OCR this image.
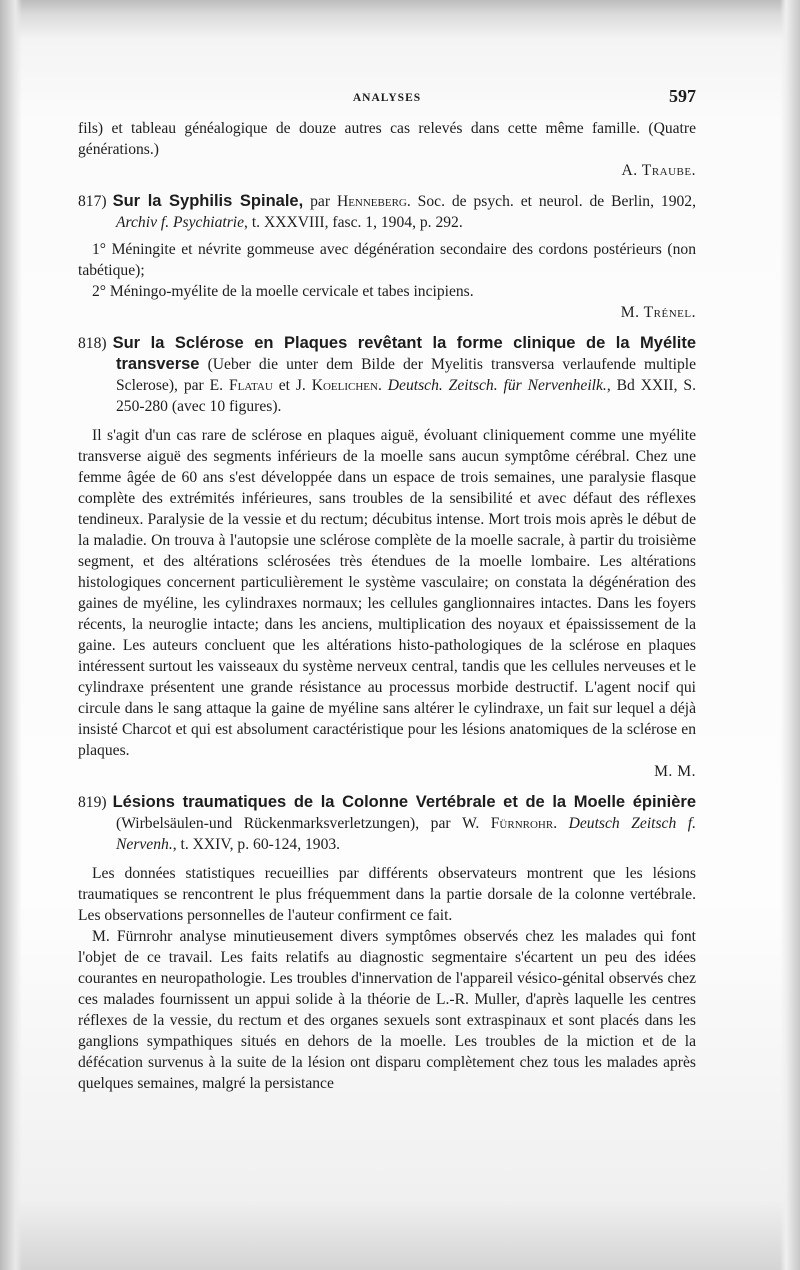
ANALYSES	597

fils) et tableau généalogique de douze autres cas relevés dans cette même famille. (Quatre générations.)

A. Traube.

817) Sur la Syphilis Spinale, par Henneberg. Soc. de psych. et neurol. de Berlin, 1902, Archiv f. Psychiatrie, t. XXXVIII, fasc. 1, 1904, p. 292.

1° Méningite et névrite gommeuse avec dégénération secondaire des cordons postérieurs (non tabétique);

2° Méningo-myélite de la moelle cervicale et tabes incipiens.

M. Trénel.

818) Sur la Sclérose en Plaques revêtant la forme clinique de la Myélite transverse (Ueber die unter dem Bilde der Myelitis transversa verlaufende multiple Sclerose), par E. Flatau et J. Koelichen. Deutsch. Zeitsch. für Nervenheilk., Bd XXII, S. 250-280 (avec 10 figures).

Il s'agit d'un cas rare de sclérose en plaques aiguë, évoluant cliniquement comme une myélite transverse aiguë des segments inférieurs de la moelle sans aucun symptôme cérébral. Chez une femme âgée de 60 ans s'est développée dans un espace de trois semaines, une paralysie flasque complète des extrémités inférieures, sans troubles de la sensibilité et avec défaut des réflexes tendineux. Paralysie de la vessie et du rectum; décubitus intense. Mort trois mois après le début de la maladie. On trouva à l'autopsie une sclérose complète de la moelle sacrale, à partir du troisième segment, et des altérations sclérosées très étendues de la moelle lombaire. Les altérations histologiques concernent particulièrement le système vasculaire; on constata la dégénération des gaines de myéline, les cylindraxes normaux; les cellules ganglionnaires intactes. Dans les foyers récents, la neuroglie intacte; dans les anciens, multiplication des noyaux et épaississement de la gaine. Les auteurs concluent que les altérations histo-pathologiques de la sclérose en plaques intéressent surtout les vaisseaux du système nerveux central, tandis que les cellules nerveuses et le cylindraxe présentent une grande résistance au processus morbide destructif. L'agent nocif qui circule dans le sang attaque la gaine de myéline sans altérer le cylindraxe, un fait sur lequel a déjà insisté Charcot et qui est absolument caractéristique pour les lésions anatomiques de la sclérose en plaques.

M. M.

819) Lésions traumatiques de la Colonne Vertébrale et de la Moelle épinière (Wirbelsäulen-und Rückenmarksverletzungen), par W. Fürnrohr. Deutsch Zeitsch f. Nervenh., t. XXIV, p. 60-124, 1903.

Les données statistiques recueillies par différents observateurs montrent que les lésions traumatiques se rencontrent le plus fréquemment dans la partie dorsale de la colonne vertébrale. Les observations personnelles de l'auteur confirment ce fait.

M. Fürnrohr analyse minutieusement divers symptômes observés chez les malades qui font l'objet de ce travail. Les faits relatifs au diagnostic segmentaire s'écartent un peu des idées courantes en neuropathologie. Les troubles d'innervation de l'appareil vésico-génital observés chez ces malades fournissent un appui solide à la théorie de L.-R. Muller, d'après laquelle les centres réflexes de la vessie, du rectum et des organes sexuels sont extraspinaux et sont placés dans les ganglions sympathiques situés en dehors de la moelle. Les troubles de la miction et de la défécation survenus à la suite de la lésion ont disparu complètement chez tous les malades après quelques semaines, malgré la persistance
